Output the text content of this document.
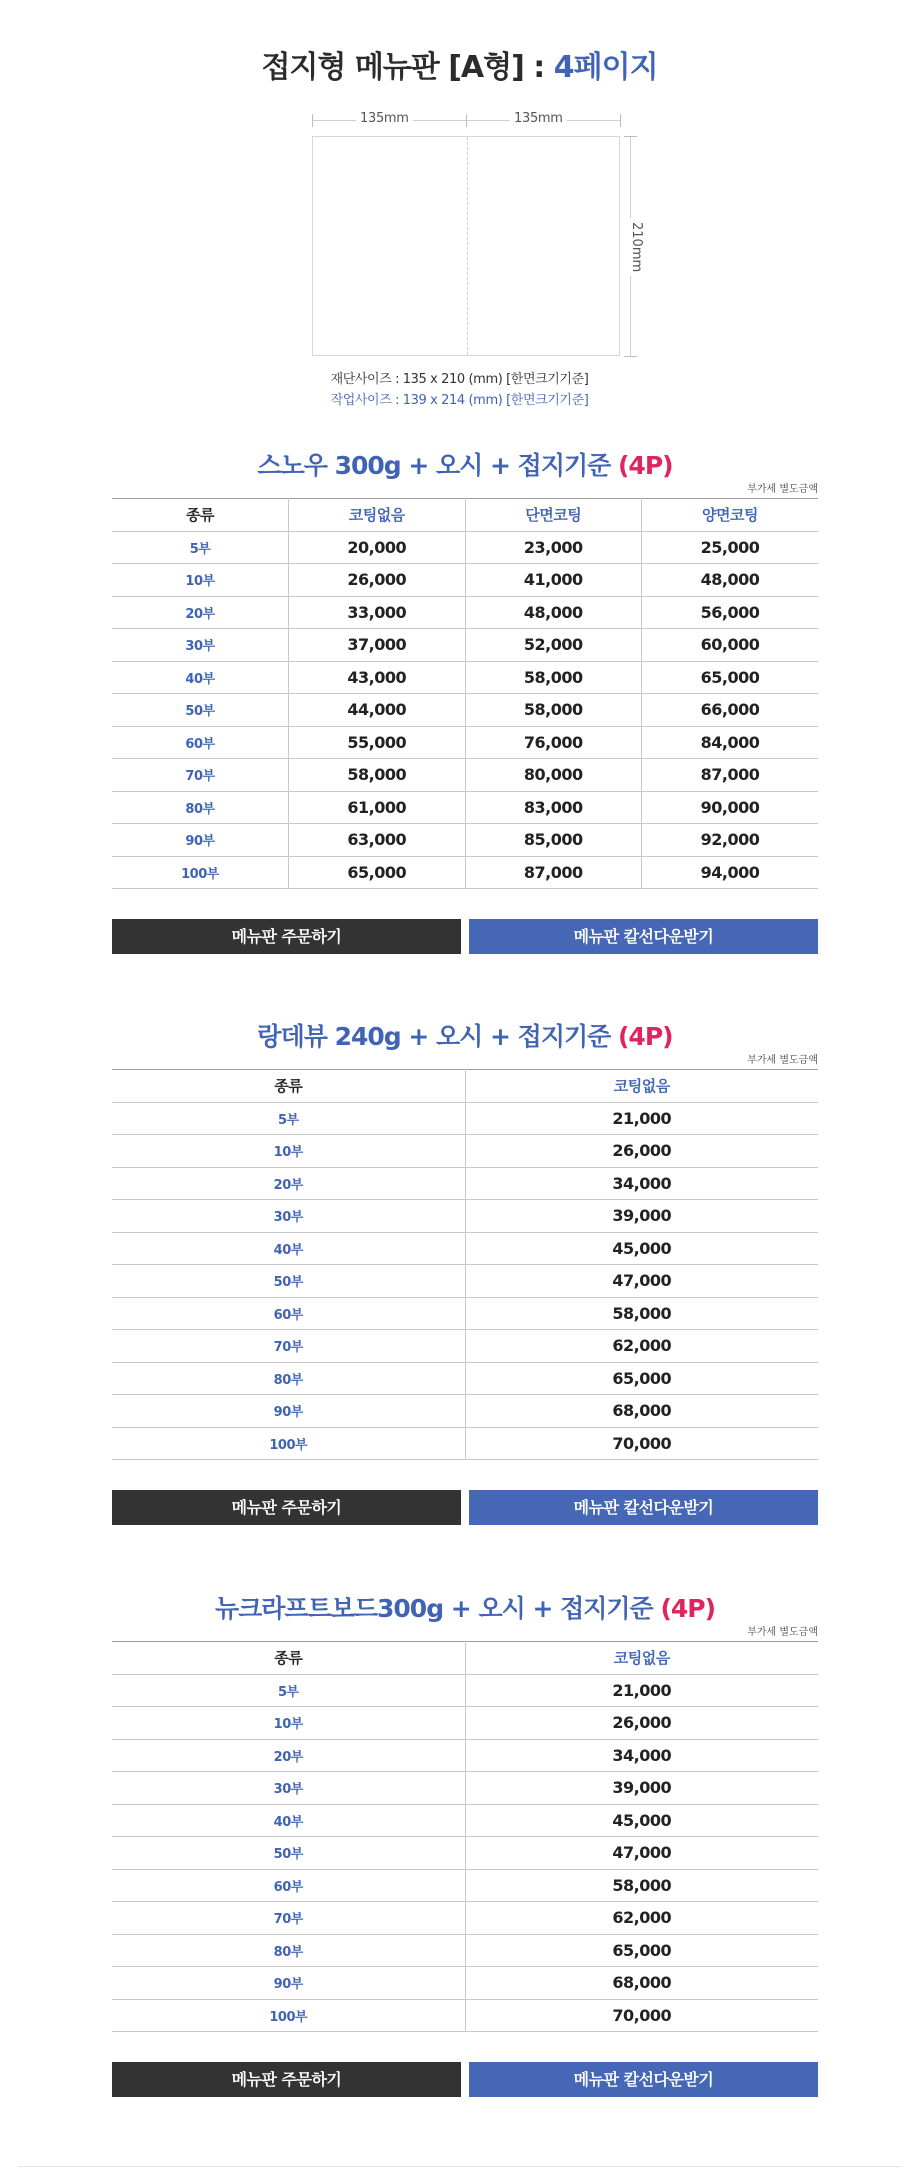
접지형 메뉴판 [A형] : 4페이지
135mm	135mm
210mm
재단사이즈 : 135 x 210 (mm) [한면크기기준]
작업사이즈 : 139 x 214 (mm) [한면크기기준]
스노우 300g + 오시 + 접지기준 (4P)
부가세 별도금액
종류	코팅없음	단면코팅	양면코팅
5부	20,000	23,000	25,000
10부	26,000	41,000	48,000
20부	33,000	48,000	56,000
30부	37,000	52,000	60,000
40부	43,000	58,000	65,000
50부	44,000	58,000	66,000
60부	55,000	76,000	84,000
70부	58,000	80,000	87,000
80부	61,000	83,000	90,000
90부	63,000	85,000	92,000
100부	65,000	87,000	94,000
메뉴판 주문하기	메뉴판 칼선다운받기
랑데뷰 240g + 오시 + 접지기준 (4P)
부가세 별도금액
종류	코팅없음
5부	21,000
10부	26,000
20부	34,000
30부	39,000
40부	45,000
50부	47,000
60부	58,000
70부	62,000
80부	65,000
90부	68,000
100부	70,000
메뉴판 주문하기	메뉴판 칼선다운받기
뉴크라프트보드300g + 오시 + 접지기준 (4P)
부가세 별도금액
종류	코팅없음
5부	21,000
10부	26,000
20부	34,000
30부	39,000
40부	45,000
50부	47,000
60부	58,000
70부	62,000
80부	65,000
90부	68,000
100부	70,000
메뉴판 주문하기	메뉴판 칼선다운받기
